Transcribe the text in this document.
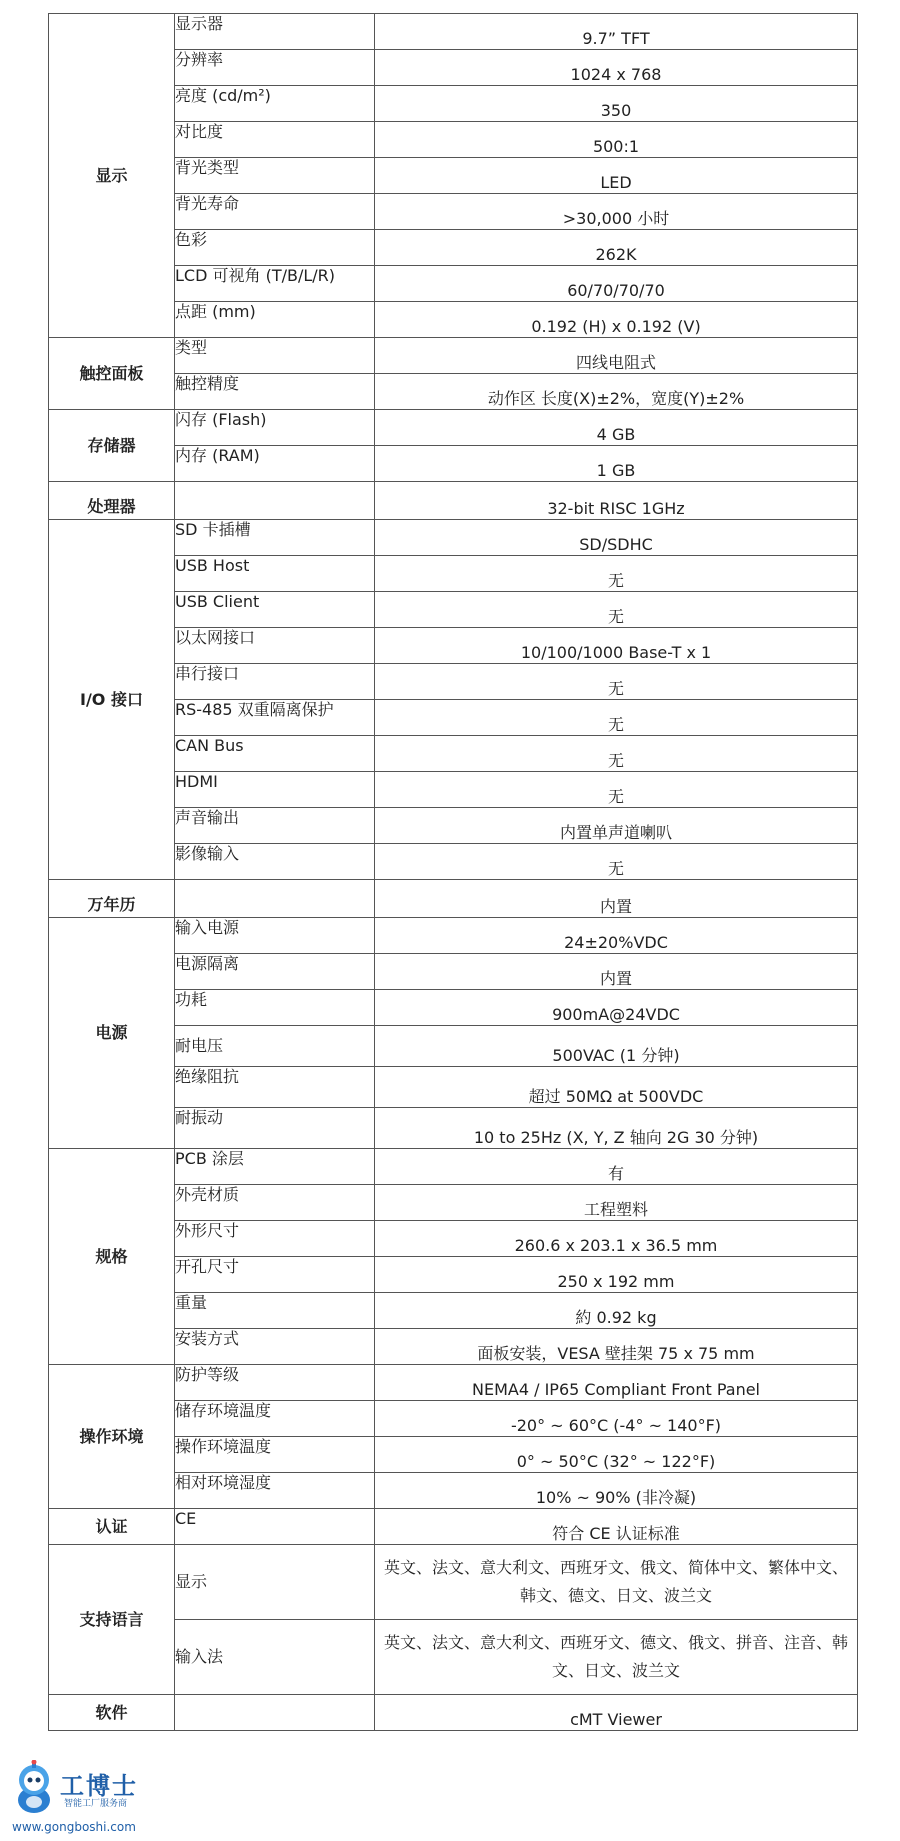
显示	显示器	9.7” TFT
	分辨率	1024 x 768
	亮度 (cd/m²)	350
	对比度	500:1
	背光类型	LED
	背光寿命	>30,000 小时
	色彩	262K
	LCD 可视角 (T/B/L/R)	60/70/70/70
	点距 (mm)	0.192 (H) x 0.192 (V)
触控面板	类型	四线电阻式
	触控精度	动作区 长度(X)±2%，宽度(Y)±2%
存储器	闪存 (Flash)	4 GB
	内存 (RAM)	1 GB
处理器		32-bit RISC 1GHz
I/O 接口	SD 卡插槽	SD/SDHC
	USB Host	无
	USB Client	无
	以太网接口	10/100/1000 Base-T x 1
	串行接口	无
	RS-485 双重隔离保护	无
	CAN Bus	无
	HDMI	无
	声音输出	内置单声道喇叭
	影像输入	无
万年历		内置
电源	输入电源	24±20%VDC
	电源隔离	内置
	功耗	900mA@24VDC
	耐电压	500VAC (1 分钟)
	绝缘阻抗	超过 50MΩ at 500VDC
	耐振动	10 to 25Hz (X, Y, Z 轴向 2G 30 分钟)
规格	PCB 涂层	有
	外壳材质	工程塑料
	外形尺寸	260.6 x 203.1 x 36.5 mm
	开孔尺寸	250 x 192 mm
	重量	約 0.92 kg
	安装方式	面板安装，VESA 壁挂架 75 x 75 mm
操作环境	防护等级	NEMA4 / IP65 Compliant Front Panel
	储存环境温度	-20° ~ 60°C (-4° ~ 140°F)
	操作环境温度	0° ~ 50°C (32° ~ 122°F)
	相对环境湿度	10% ~ 90% (非冷凝)
认证	CE	符合 CE 认证标准
支持语言	显示	英文、法文、意大利文、西班牙文、俄文、简体中文、繁体中文、韩文、德文、日文、波兰文
	输入法	英文、法文、意大利文、西班牙文、德文、俄文、拼音、注音、韩文、日文、波兰文
软件		cMT Viewer
工博士
智能工厂服务商
www.gongboshi.com
